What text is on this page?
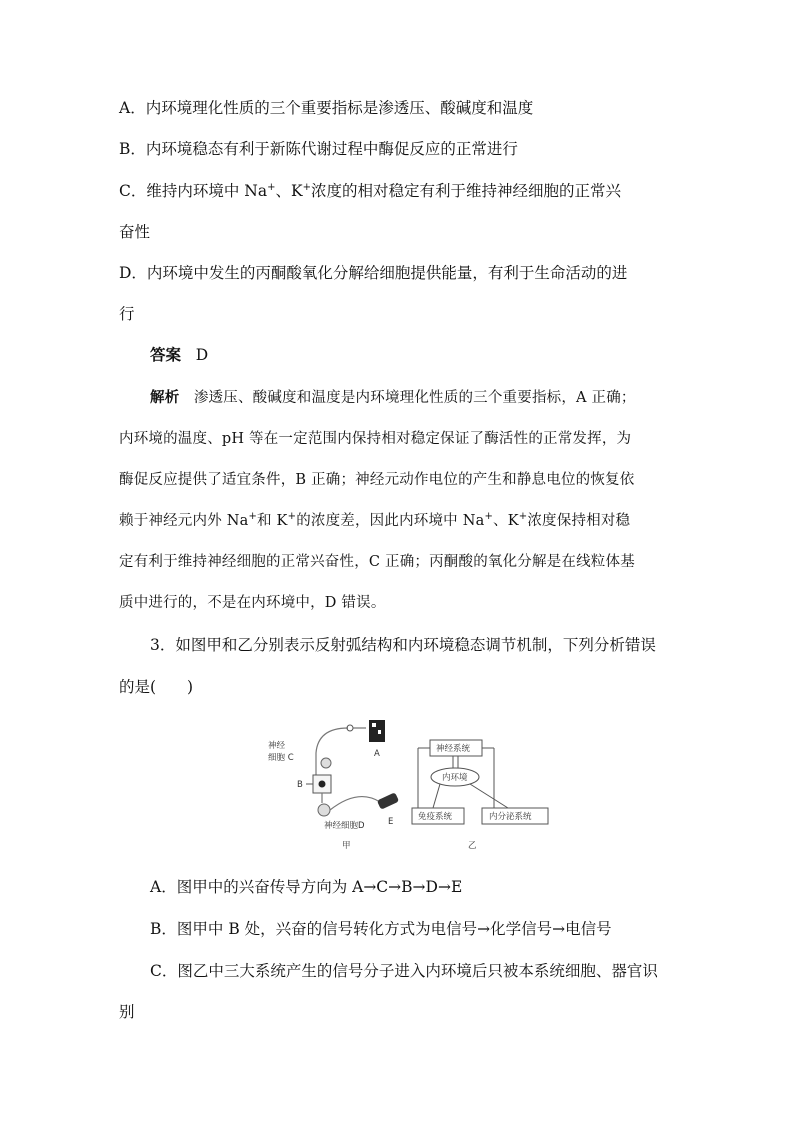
A．内环境理化性质的三个重要指标是渗透压、酸碱度和温度
B．内环境稳态有利于新陈代谢过程中酶促反应的正常进行
C．维持内环境中 Na+、K+浓度的相对稳定有利于维持神经细胞的正常兴
奋性
D．内环境中发生的丙酮酸氧化分解给细胞提供能量，有利于生命活动的进
行
答案 D
解析 渗透压、酸碱度和温度是内环境理化性质的三个重要指标，A 正确；
内环境的温度、pH 等在一定范围内保持相对稳定保证了酶活性的正常发挥，为
酶促反应提供了适宜条件，B 正确；神经元动作电位的产生和静息电位的恢复依
赖于神经元内外 Na+和 K+的浓度差，因此内环境中 Na+、K+浓度保持相对稳
定有利于维持神经细胞的正常兴奋性，C 正确；丙酮酸的氧化分解是在线粒体基
质中进行的，不是在内环境中，D 错误。
3．如图甲和乙分别表示反射弧结构和内环境稳态调节机制，下列分析错误
的是(　　)
神经
细胞 C	A
B
神经细胞D	E
甲
神经系统
内环境
免疫系统	内分泌系统
乙
A．图甲中的兴奋传导方向为 A→C→B→D→E
B．图甲中 B 处，兴奋的信号转化方式为电信号→化学信号→电信号
C．图乙中三大系统产生的信号分子进入内环境后只被本系统细胞、器官识
别
